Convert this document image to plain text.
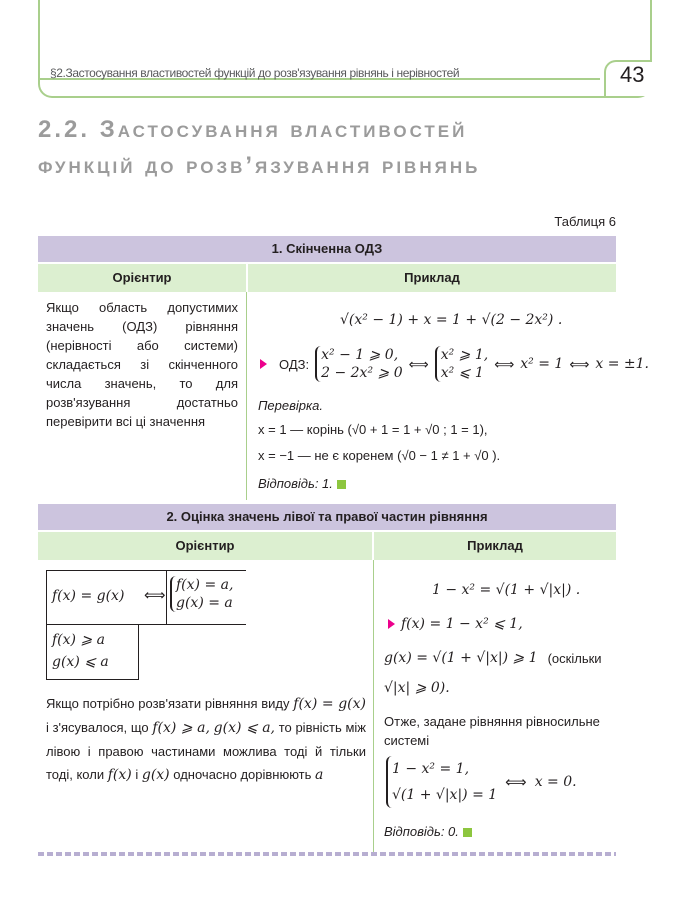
§2.Застосування властивостей функцій до розв'язування рівнянь і нерівностей	43
2.2. Застосування властивостей
функцій до розв’язування рівнянь
Таблиця 6
1. Скінченна ОДЗ
Орієнтир	Приклад
Якщо область допустимих значень (ОДЗ) рівняння (нерівності або системи) складається зі скінченного числа значень, то для розв'язування достатньо перевірити всі ці значення
√(x² − 1) + x = 1 + √(2 − 2x²) .
ОДЗ:
x² − 1 ⩾ 0,
2 − 2x² ⩾ 0
⟺
x² ⩾ 1,
x² ⩽ 1
⟺ x² = 1 ⟺ x = ±1.
Перевірка.
x = 1 — корінь (√0 + 1 = 1 + √0 ; 1 = 1),
x = −1 — не є коренем (√0 − 1 ≠ 1 + √0 ).
Відповідь: 1.
2. Оцінка значень лівої та правої частин рівняння
Орієнтир	Приклад
f(x) = g(x) ⟺
f(x) = a,
g(x) = a
f(x) ⩾ a
g(x) ⩽ a
Якщо потрібно розв'язати рівняння виду f(x) = g(x) і з'ясувалося, що f(x) ⩾ a, g(x) ⩽ a, то рівність між лівою і правою частинами можлива тоді й тільки тоді, коли f(x) і g(x) одночасно дорівнюють a
1 − x² = √(1 + √|x|) .
f(x) = 1 − x² ⩽ 1,
g(x) = √(1 + √|x|) ⩾ 1 (оскільки
√|x| ⩾ 0).
Отже, задане рівняння рівносильне системі
1 − x² = 1,
√(1 + √|x|) = 1
⟺ x = 0.
Відповідь: 0.
